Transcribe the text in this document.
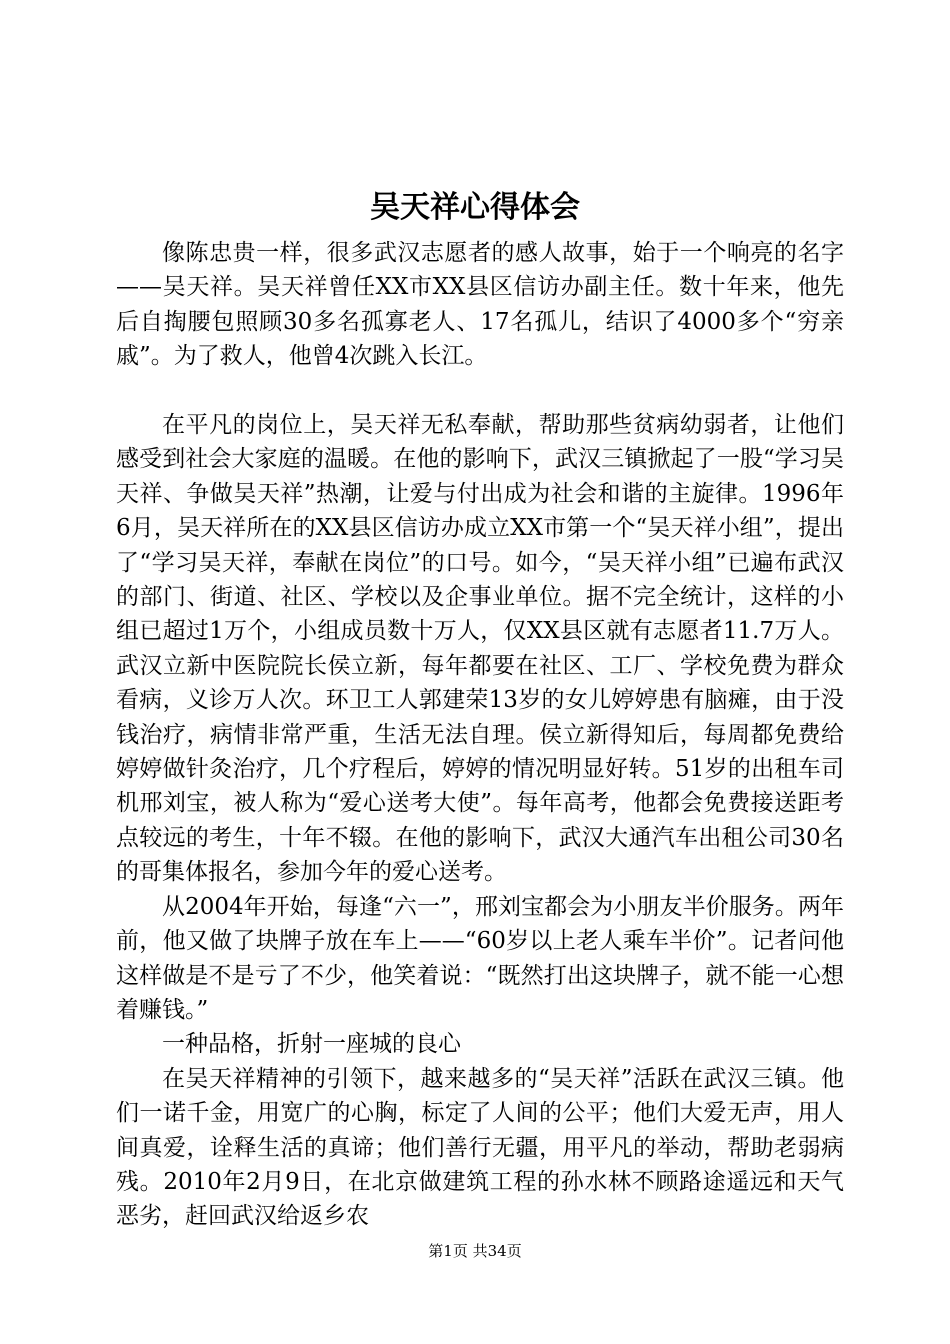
吴天祥心得体会

像陈忠贵一样，很多武汉志愿者的感人故事，始于一个响亮的名字——吴天祥。吴天祥曾任XX市XX县区信访办副主任。数十年来，他先后自掏腰包照顾30多名孤寡老人、17名孤儿，结识了4000多个“穷亲戚”。为了救人，他曾4次跳入长江。

在平凡的岗位上，吴天祥无私奉献，帮助那些贫病幼弱者，让他们感受到社会大家庭的温暖。在他的影响下，武汉三镇掀起了一股“学习吴天祥、争做吴天祥”热潮，让爱与付出成为社会和谐的主旋律。1996年6月，吴天祥所在的XX县区信访办成立XX市第一个“吴天祥小组”，提出了“学习吴天祥，奉献在岗位”的口号。如今，“吴天祥小组”已遍布武汉的部门、街道、社区、学校以及企事业单位。据不完全统计，这样的小组已超过1万个，小组成员数十万人，仅XX县区就有志愿者11.7万人。武汉立新中医院院长侯立新，每年都要在社区、工厂、学校免费为群众看病，义诊万人次。环卫工人郭建荣13岁的女儿婷婷患有脑瘫，由于没钱治疗，病情非常严重，生活无法自理。侯立新得知后，每周都免费给婷婷做针灸治疗，几个疗程后，婷婷的情况明显好转。51岁的出租车司机邢刘宝，被人称为“爱心送考大使”。每年高考，他都会免费接送距考点较远的考生，十年不辍。在他的影响下，武汉大通汽车出租公司30名的哥集体报名，参加今年的爱心送考。

从2004年开始，每逢“六一”，邢刘宝都会为小朋友半价服务。两年前，他又做了块牌子放在车上——“60岁以上老人乘车半价”。记者问他这样做是不是亏了不少，他笑着说：“既然打出这块牌子，就不能一心想着赚钱。”

一种品格，折射一座城的良心

在吴天祥精神的引领下，越来越多的“吴天祥”活跃在武汉三镇。他们一诺千金，用宽广的心胸，标定了人间的公平；他们大爱无声，用人间真爱，诠释生活的真谛；他们善行无疆，用平凡的举动，帮助老弱病残。2010年2月9日，在北京做建筑工程的孙水林不顾路途遥远和天气恶劣，赶回武汉给返乡农

第1页 共34页
